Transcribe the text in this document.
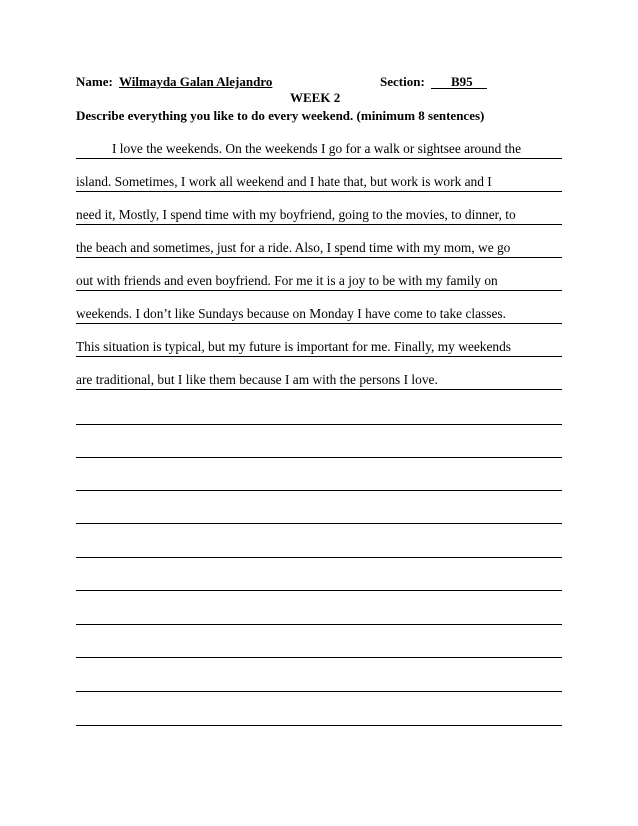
Name: Wilmayda Galan Alejandro	Section: B95
WEEK 2
Describe everything you like to do every weekend. (minimum 8 sentences)
I love the weekends. On the weekends I go for a walk or sightsee around the
island. Sometimes, I work all weekend and I hate that, but work is work and I
need it, Mostly, I spend time with my boyfriend, going to the movies, to dinner, to
the beach and sometimes, just for a ride. Also, I spend time with my mom, we go
out with friends and even boyfriend. For me it is a joy to be with my family on
weekends. I don’t like Sundays because on Monday I have come to take classes.
This situation is typical, but my future is important for me. Finally, my weekends
are traditional, but I like them because I am with the persons I love.
